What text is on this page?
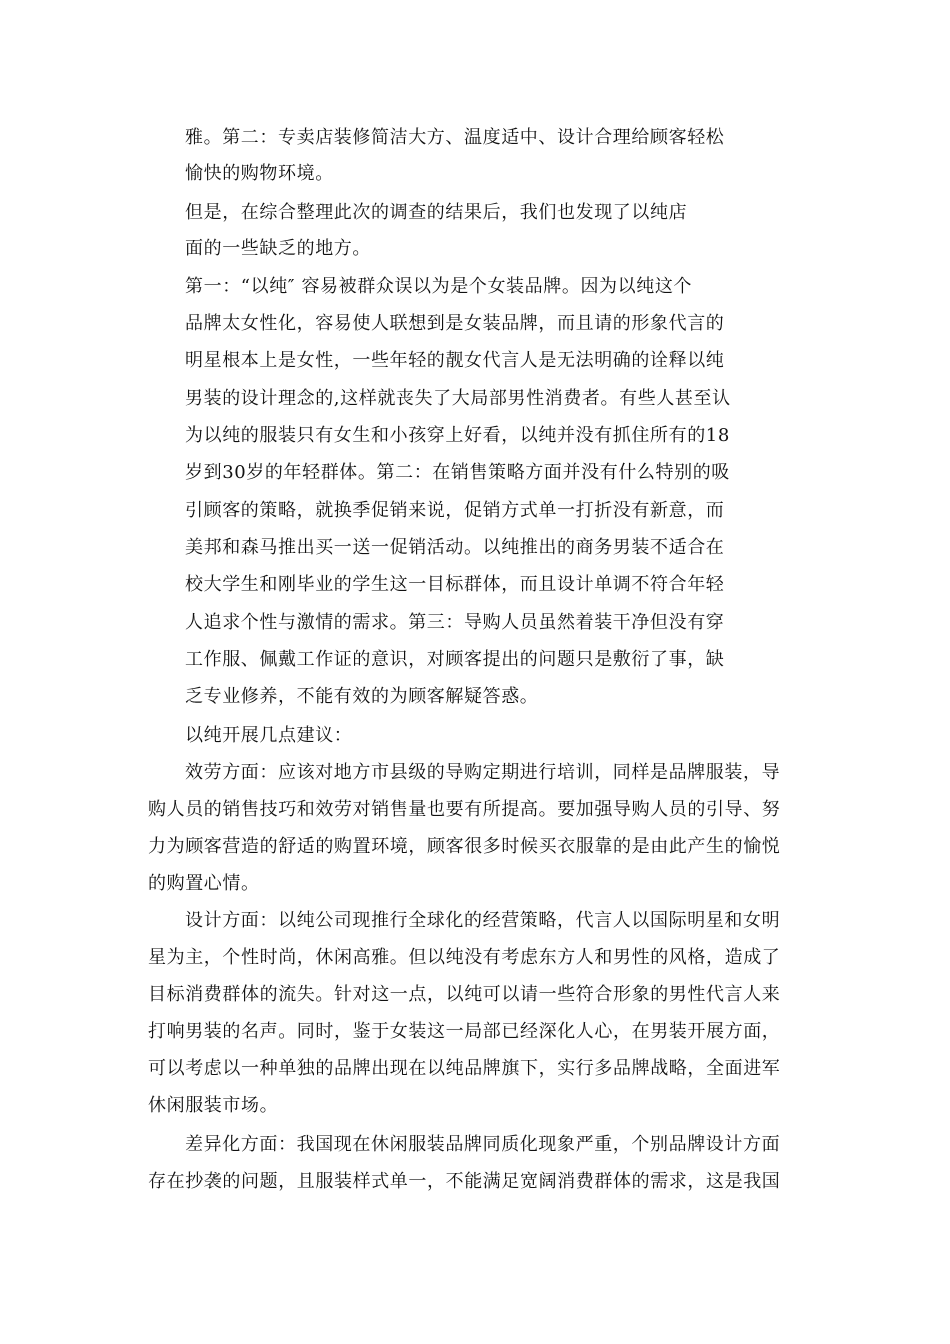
雅。第二：专卖店装修简洁大方、温度适中、设计合理给顾客轻松
愉快的购物环境。
但是，在综合整理此次的调查的结果后，我们也发现了以纯店
面的一些缺乏的地方。
第一：“以纯″ 容易被群众误以为是个女装品牌。因为以纯这个
品牌太女性化，容易使人联想到是女装品牌，而且请的形象代言的
明星根本上是女性，一些年轻的靓女代言人是无法明确的诠释以纯
男装的设计理念的,这样就丧失了大局部男性消费者。有些人甚至认
为以纯的服装只有女生和小孩穿上好看，以纯并没有抓住所有的18
岁到30岁的年轻群体。第二：在销售策略方面并没有什么特别的吸
引顾客的策略，就换季促销来说，促销方式单一打折没有新意，而
美邦和森马推出买一送一促销活动。以纯推出的商务男装不适合在
校大学生和刚毕业的学生这一目标群体，而且设计单调不符合年轻
人追求个性与激情的需求。第三：导购人员虽然着装干净但没有穿
工作服、佩戴工作证的意识，对顾客提出的问题只是敷衍了事，缺
乏专业修养，不能有效的为顾客解疑答惑。
以纯开展几点建议：
效劳方面：应该对地方市县级的导购定期进行培训，同样是品牌服装，导
购人员的销售技巧和效劳对销售量也要有所提高。要加强导购人员的引导、努
力为顾客营造的舒适的购置环境，顾客很多时候买衣服靠的是由此产生的愉悦
的购置心情。
设计方面：以纯公司现推行全球化的经营策略，代言人以国际明星和女明
星为主，个性时尚，休闲高雅。但以纯没有考虑东方人和男性的风格，造成了
目标消费群体的流失。针对这一点，以纯可以请一些符合形象的男性代言人来
打响男装的名声。同时，鉴于女装这一局部已经深化人心，在男装开展方面，
可以考虑以一种单独的品牌出现在以纯品牌旗下，实行多品牌战略，全面进军
休闲服装市场。
差异化方面：我国现在休闲服装品牌同质化现象严重，个别品牌设计方面
存在抄袭的问题，且服装样式单一，不能满足宽阔消费群体的需求，这是我国
